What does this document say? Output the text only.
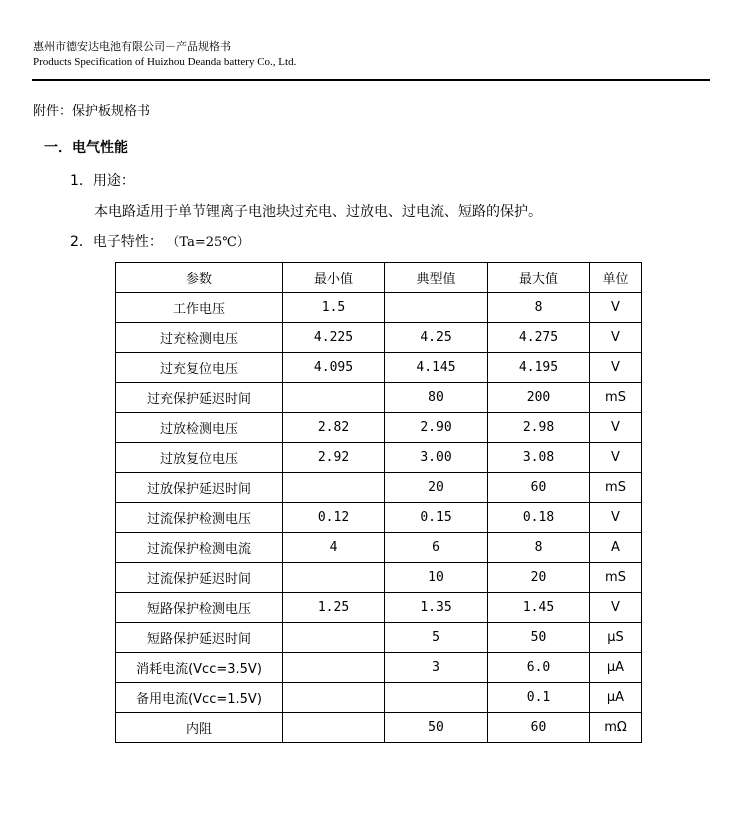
惠州市德安达电池有限公司－产品规格书
Products Specification of Huizhou Deanda battery Co., Ltd.
附件：保护板规格书
一．电气性能
1．用途：
本电路适用于单节锂离子电池块过充电、过放电、过电流、短路的保护。
2．电子特性： （Ta=25℃）
参数	最小值	典型值	最大值	单位
工作电压	1.5		8	V
过充检测电压	4.225	4.25	4.275	V
过充复位电压	4.095	4.145	4.195	V
过充保护延迟时间		80	200	mS
过放检测电压	2.82	2.90	2.98	V
过放复位电压	2.92	3.00	3.08	V
过放保护延迟时间		20	60	mS
过流保护检测电压	0.12	0.15	0.18	V
过流保护检测电流	4	6	8	A
过流保护延迟时间		10	20	mS
短路保护检测电压	1.25	1.35	1.45	V
短路保护延迟时间		5	50	μS
消耗电流(Vcc=3.5V)		3	6.0	μA
备用电流(Vcc=1.5V)			0.1	μA
内阻		50	60	mΩ
